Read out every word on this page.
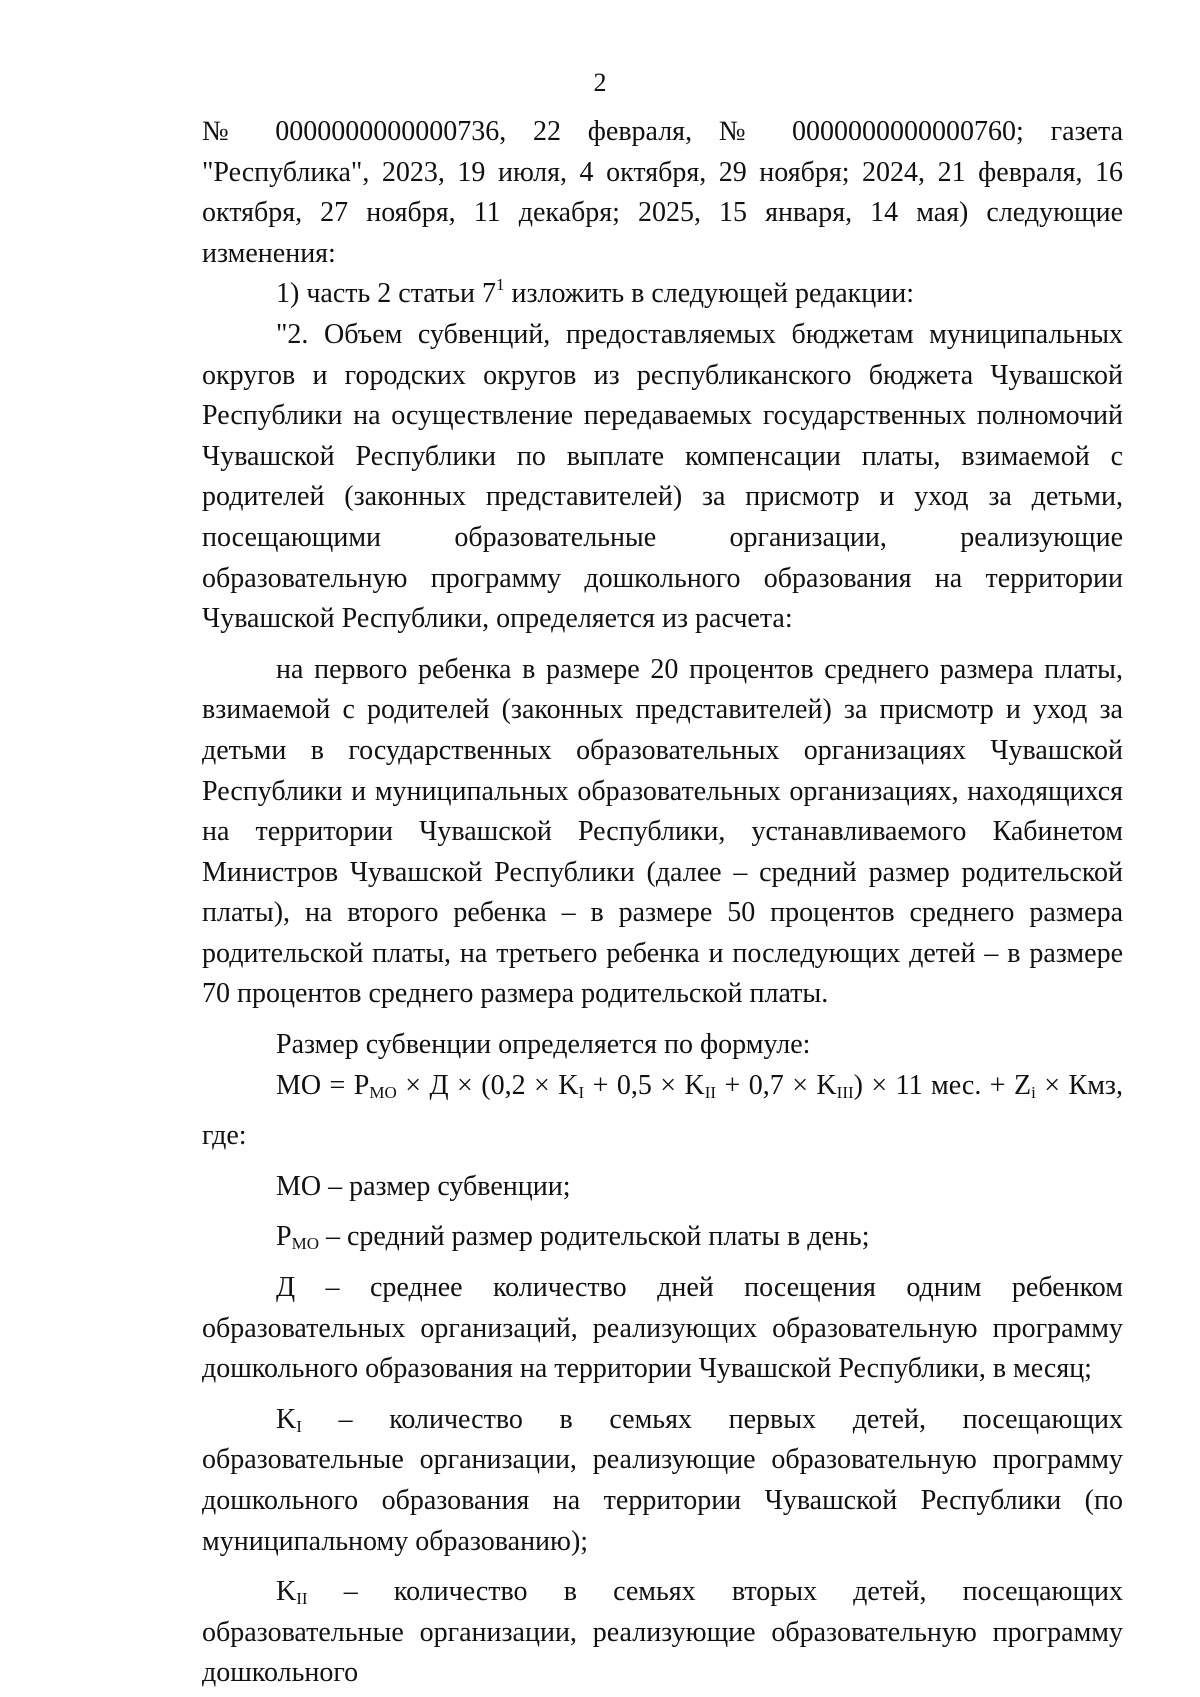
2

№ 0000000000000736, 22 февраля, № 0000000000000760; газета "Республика", 2023, 19 июля, 4 октября, 29 ноября; 2024, 21 февраля, 16 октября, 27 ноября, 11 декабря; 2025, 15 января, 14 мая) следующие изменения:

1) часть 2 статьи $7^1$ изложить в следующей редакции:

"2. Объем субвенций, предоставляемых бюджетам муниципальных округов и городских округов из республиканского бюджета Чувашской Республики на осуществление передаваемых государственных полномочий Чувашской Республики по выплате компенсации платы, взимаемой с родителей (законных представителей) за присмотр и уход за детьми, посещающими образовательные организации, реализующие образовательную программу дошкольного образования на территории Чувашской Республики, определяется из расчета:

на первого ребенка в размере 20 процентов среднего размера платы, взимаемой с родителей (законных представителей) за присмотр и уход за детьми в государственных образовательных организациях Чувашской Республики и муниципальных образовательных организациях, находящихся на территории Чувашской Республики, устанавливаемого Кабинетом Министров Чувашской Республики (далее – средний размер родительской платы), на второго ребенка – в размере 50 процентов среднего размера родительской платы, на третьего ребенка и последующих детей – в размере 70 процентов среднего размера родительской платы.

Размер субвенции определяется по формуле:

МО = $Р_{МО} \times Д \times (0,2 \times K_I + 0,5 \times K_{II} + 0,7 \times K_{III}) \times 11$ мес. + $Z_i$ × Кмз,

где:

МО – размер субвенции;

$Р_{МО}$ – средний размер родительской платы в день;

Д – среднее количество дней посещения одним ребенком образовательных организаций, реализующих образовательную программу дошкольного образования на территории Чувашской Республики, в месяц;

$K_I$ – количество в семьях первых детей, посещающих образовательные организации, реализующие образовательную программу дошкольного образования на территории Чувашской Республики (по муниципальному образованию);

$K_{II}$ – количество в семьях вторых детей, посещающих образовательные организации, реализующие образовательную программу дошкольного
